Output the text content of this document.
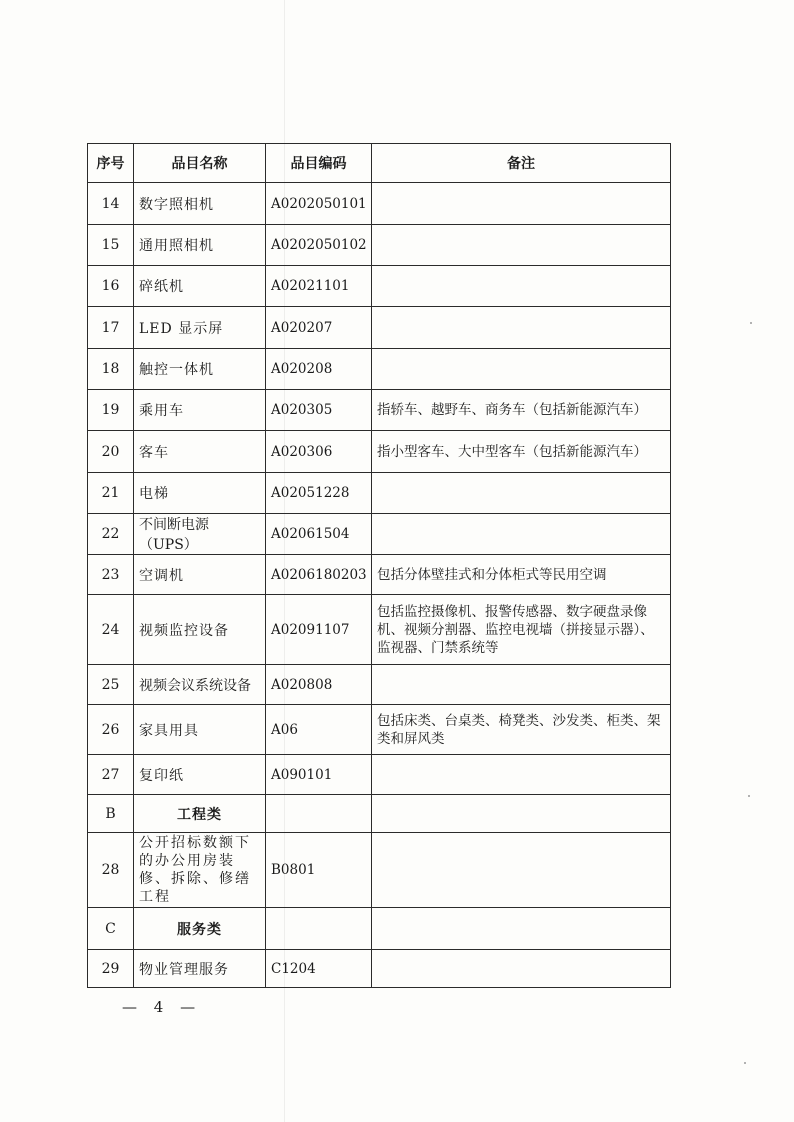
序号	品目名称	品目编码	备注
14	数字照相机	A0202050101	
15	通用照相机	A0202050102	
16	碎纸机	A02021101	
17	LED 显示屏	A020207	
18	触控一体机	A020208	
19	乘用车	A020305	指轿车、越野车、商务车（包括新能源汽车）
20	客车	A020306	指小型客车、大中型客车（包括新能源汽车）
21	电梯	A02051228	
22	不间断电源（UPS）	A02061504	
23	空调机	A0206180203	包括分体壁挂式和分体柜式等民用空调
24	视频监控设备	A02091107	包括监控摄像机、报警传感器、数字硬盘录像机、视频分割器、监控电视墙（拼接显示器）、监视器、门禁系统等
25	视频会议系统设备	A020808	
26	家具用具	A06	包括床类、台桌类、椅凳类、沙发类、柜类、架类和屏风类
27	复印纸	A090101	
B	工程类		
28	公开招标数额下的办公用房装修、拆除、修缮工程	B0801	
C	服务类		
29	物业管理服务	C1204	
— 4 —
